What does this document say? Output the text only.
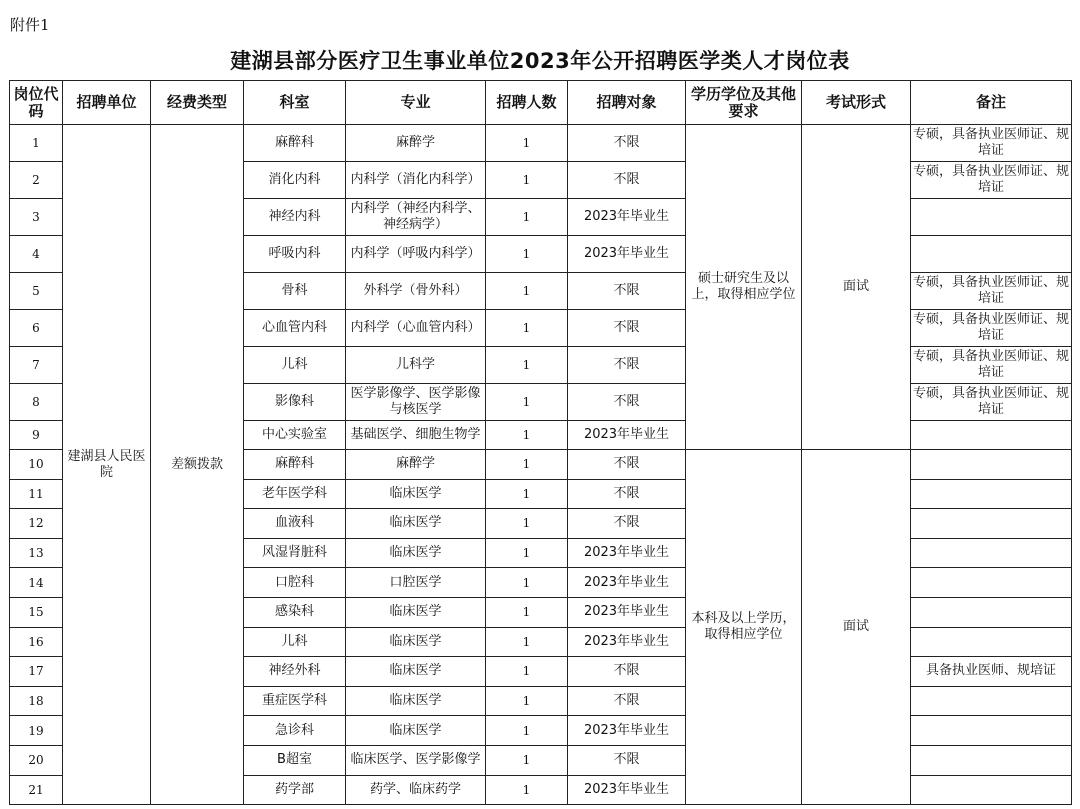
附件1
建湖县部分医疗卫生事业单位2023年公开招聘医学类人才岗位表
岗位代码	招聘单位	经费类型	科室	专业	招聘人数	招聘对象	学历学位及其他要求	考试形式	备注
1	建湖县人民医院	差额拨款	麻醉科	麻醉学	1	不限	硕士研究生及以上，取得相应学位	面试	专硕，具备执业医师证、规培证
2			消化内科	内科学（消化内科学）	1	不限			专硕，具备执业医师证、规培证
3			神经内科	内科学（神经内科学、神经病学）	1	2023年毕业生			
4			呼吸内科	内科学（呼吸内科学）	1	2023年毕业生			
5			骨科	外科学（骨外科）	1	不限			专硕，具备执业医师证、规培证
6			心血管内科	内科学（心血管内科）	1	不限			专硕，具备执业医师证、规培证
7			儿科	儿科学	1	不限			专硕，具备执业医师证、规培证
8			影像科	医学影像学、医学影像与核医学	1	不限			专硕，具备执业医师证、规培证
9			中心实验室	基础医学、细胞生物学	1	2023年毕业生			
10			麻醉科	麻醉学	1	不限	本科及以上学历，取得相应学位	面试	
11			老年医学科	临床医学	1	不限			
12			血液科	临床医学	1	不限			
13			风湿肾脏科	临床医学	1	2023年毕业生			
14			口腔科	口腔医学	1	2023年毕业生			
15			感染科	临床医学	1	2023年毕业生			
16			儿科	临床医学	1	2023年毕业生			
17			神经外科	临床医学	1	不限			具备执业医师、规培证
18			重症医学科	临床医学	1	不限			
19			急诊科	临床医学	1	2023年毕业生			
20			B超室	临床医学、医学影像学	1	不限			
21			药学部	药学、临床药学	1	2023年毕业生			
